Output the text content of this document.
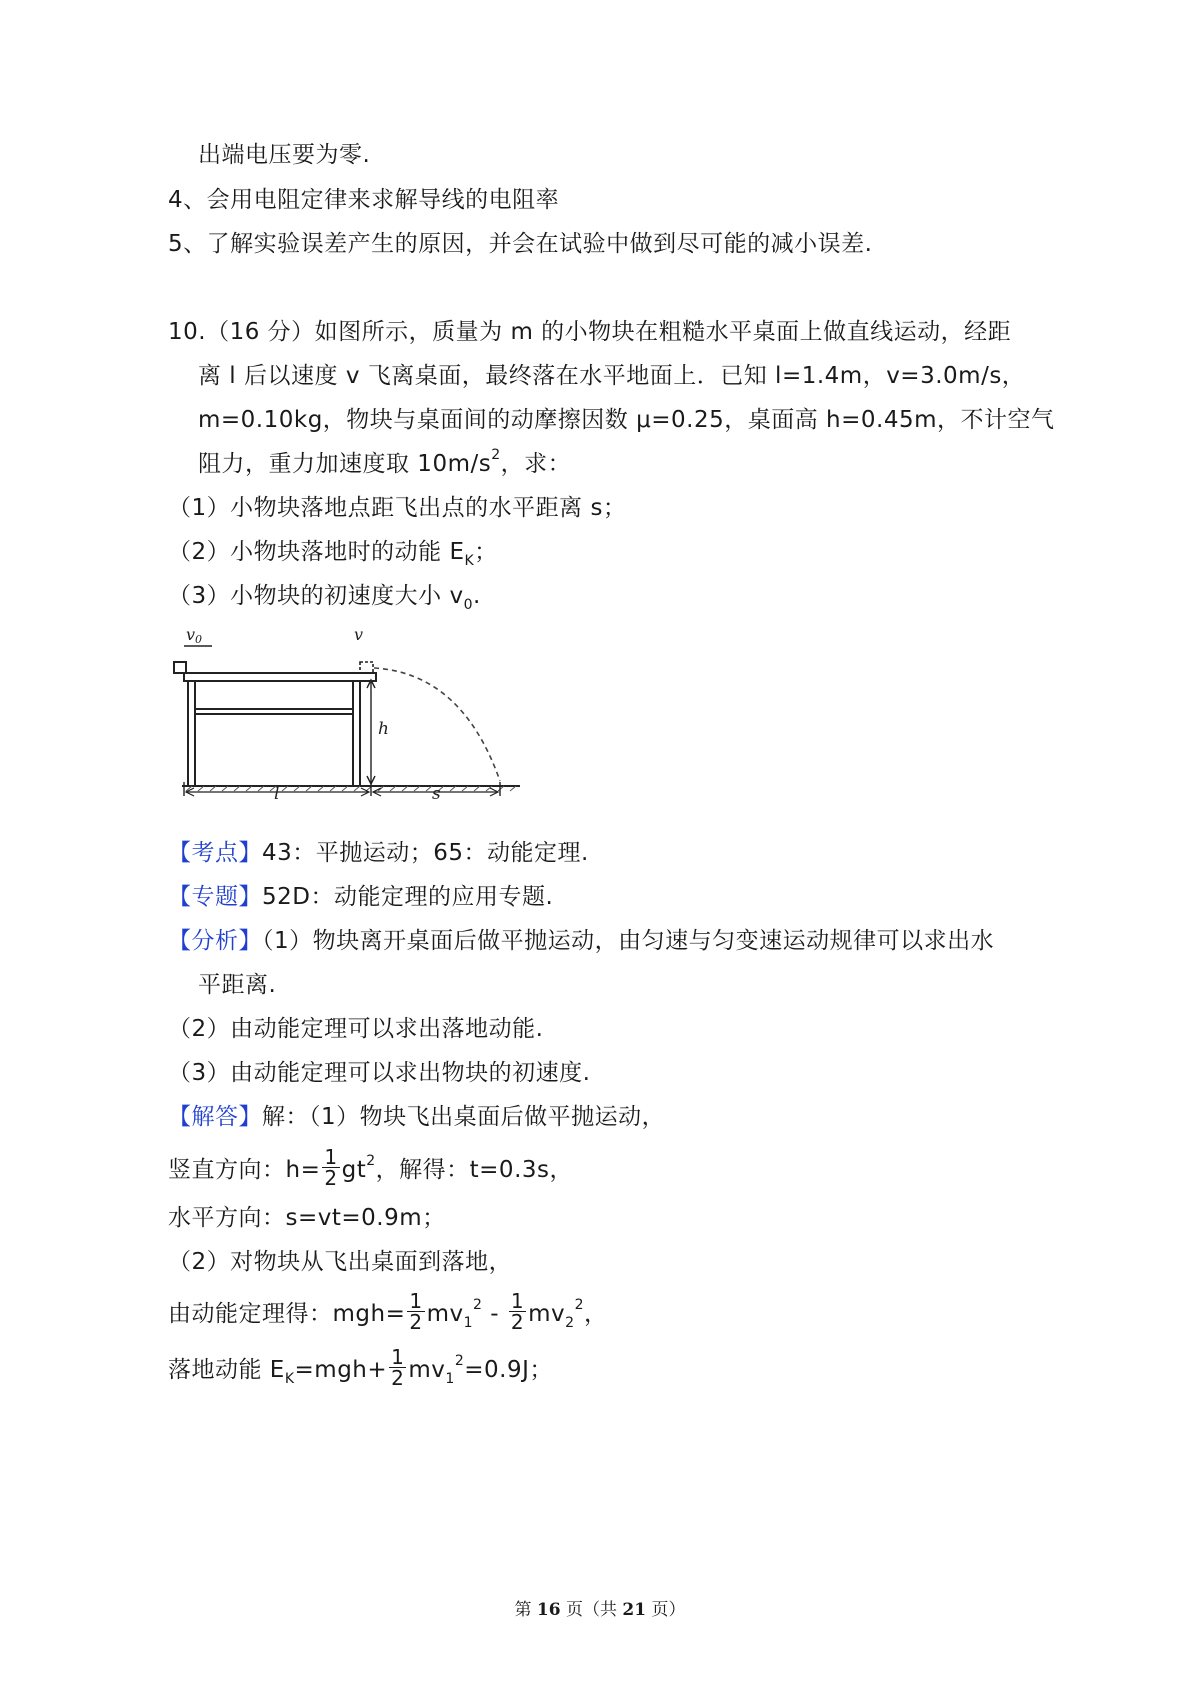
出端电压要为零.
4、会用电阻定律来求解导线的电阻率
5、了解实验误差产生的原因，并会在试验中做到尽可能的减小误差.
10.（16 分）如图所示，质量为 m 的小物块在粗糙水平桌面上做直线运动，经距
离 l 后以速度 v 飞离桌面，最终落在水平地面上．已知 l=1.4m，v=3.0m/s，
m=0.10kg，物块与桌面间的动摩擦因数 μ=0.25，桌面高 h=0.45m，不计空气
阻力，重力加速度取 $10m/s^2$，求：
（1）小物块落地点距飞出点的水平距离 s；
（2）小物块落地时的动能 $E_K$；
（3）小物块的初速度大小 $v_0$.
v0	v
h
l	s
【考点】43：平抛运动；65：动能定理.
【专题】52D：动能定理的应用专题.
【分析】（1）物块离开桌面后做平抛运动，由匀速与匀变速运动规律可以求出水
平距离.
（2）由动能定理可以求出落地动能.
（3）由动能定理可以求出物块的初速度.
【解答】解：（1）物块飞出桌面后做平抛运动，
竖直方向：$h= \frac{1}{2} gt^2$，解得：t=0.3s，
水平方向：s=vt=0.9m；
（2）对物块从飞出桌面到落地，
由动能定理得：$mgh= \frac{1}{2} mv_1^2 - \frac{1}{2} mv_2^2$，
落地动能 $E_K=mgh+ \frac{1}{2} mv_1^2=0.9J$；
第 16 页（共 21 页）
